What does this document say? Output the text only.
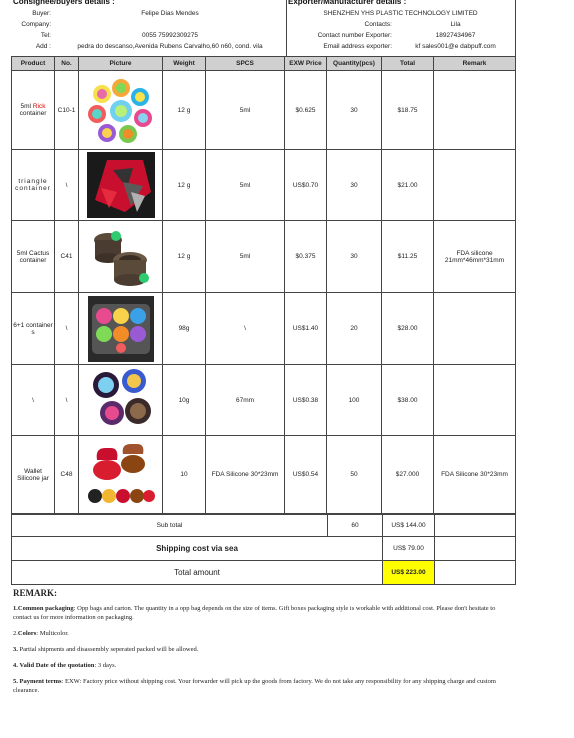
Consignee/buyers details :
Buyer:	Felipe Dias Mendes
Company:
Tel:	0055 75992309275
Add :	pedra do descanso,Avenida Rubens Carvalho,60 n60, cond. vila
Exporter/Manufacturer details :
SHENZHEN YHS PLASTIC TECHNOLOGY LIMITED
Contacts:	Lila
Contact number Exporter:	18927434967
Email address exporter:	kf sales001@e dabpuff.com
Product	No.	Picture	Weight	SPCS	EXW Price	Quantity(pcs)	Total	Remark
5ml Rick container	C10-1		12 g	5ml	$0.625	30	$18.75	
triangle container	\		12 g	5ml	US$0.70	30	$21.00	
5ml Cactus container	C41		12 g	5ml	$0.375	30	$11.25	FDA silicone 21mm*46mm*31mm
6+1 container s	\		98g	\	US$1.40	20	$28.00	
\	\		10g	67mm	US$0.38	100	$38.00	
Wallet Silicone jar	C48		10	FDA Silicone 30*23mm	US$0.54	50	$27.000	FDA Silicone 30*23mm
Sub total	60	US$ 144.00	
Shipping cost via sea		US$ 79.00	
Total amount		US$ 223.00	
REMARK:
1.Common packaging: Opp bags and carton. The quantity in a opp bag depends on the size of items. Gift boxes packaging style is workable with additional cost. Please don't hesitate to contact us for more information on packaging.
2.Colors: Multicolor.
3. Partial shipments and disassembly seperated packed will be allowed.
4. Valid Date of the quotation: 3 days.
5. Payment terms: EXW: Factory price without shipping cost. Your forwarder will pick up the goods from factory. We do not take any responsibility for any shipping charge and custom clearance.
